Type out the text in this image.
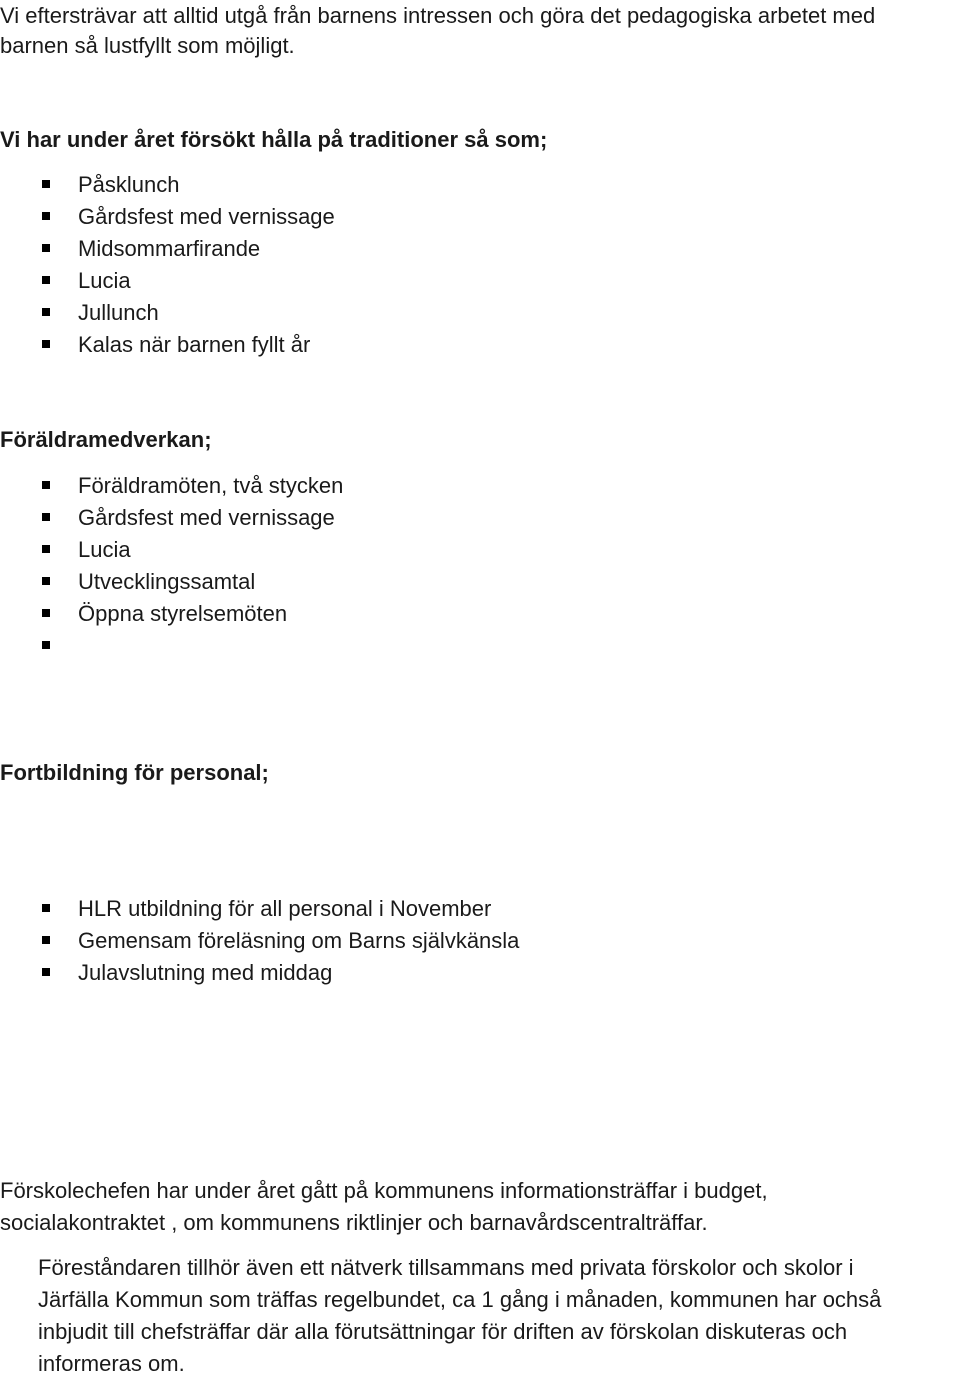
Vi eftersträvar att alltid utgå från barnens intressen och göra det pedagogiska arbetet med

barnen så lustfyllt som möjligt.

Vi har under året försökt hålla på traditioner så som;

Påsklunch
Gårdsfest med vernissage
Midsommarfirande
Lucia
Jullunch
Kalas när barnen fyllt år

Föräldramedverkan;

Föräldramöten, två stycken
Gårdsfest med vernissage
Lucia
Utvecklingssamtal
Öppna styrelsemöten

Fortbildning för personal;

HLR utbildning för all personal i November
Gemensam föreläsning om Barns självkänsla
Julavslutning med middag

Förskolechefen har under året gått på kommunens informationsträffar i budget,

socialakontraktet , om kommunens riktlinjer och barnavårdscentralträffar.

Föreståndaren tillhör även ett nätverk tillsammans med privata förskolor och skolor i

Järfälla Kommun som träffas regelbundet, ca 1 gång i månaden, kommunen har ochså

inbjudit till chefsträffar där alla förutsättningar för driften av förskolan diskuteras och

informeras om.
